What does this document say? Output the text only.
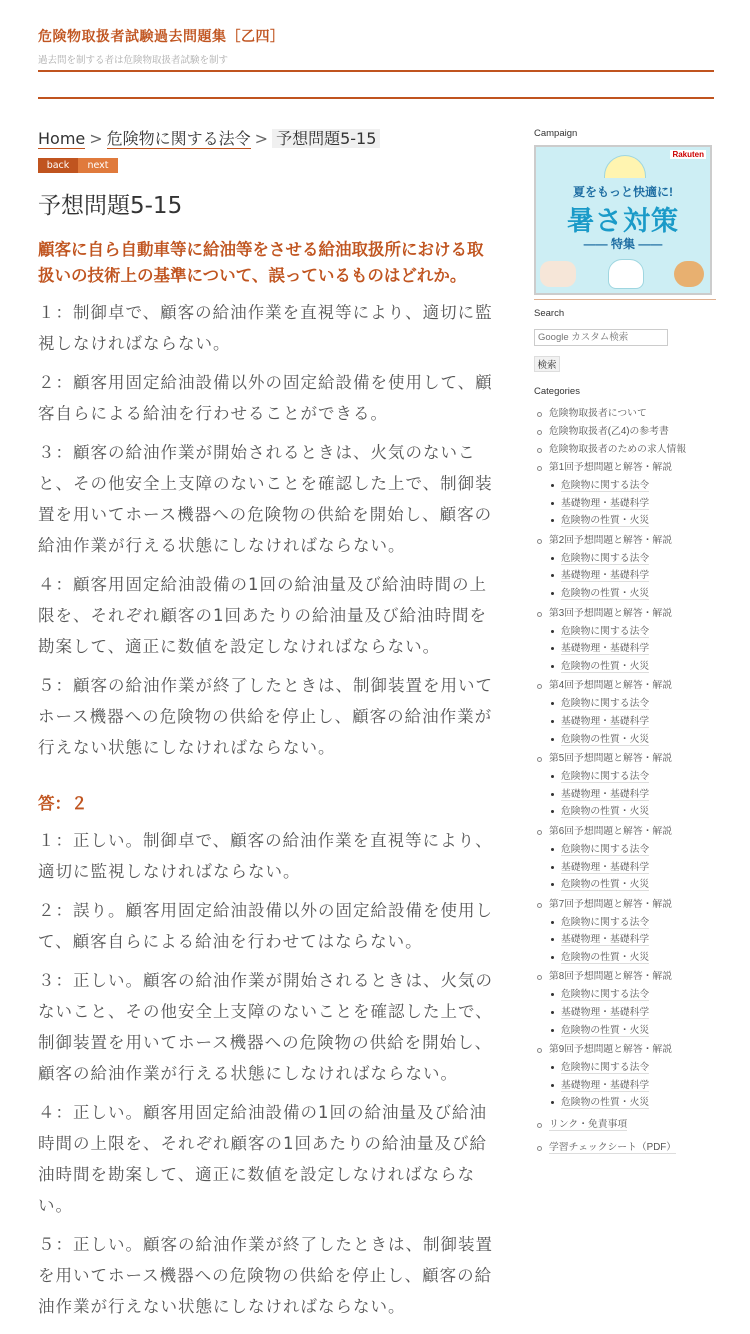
危険物取扱者試験過去問題集［乙四］
過去問を制する者は危険物取扱者試験を制す
Home > 危険物に関する法令 > 予想問題5-15
back	next
予想問題5-15
顧客に自ら自動車等に給油等をさせる給油取扱所における取扱いの技術上の基準について、誤っているものはどれか。
１：制御卓で、顧客の給油作業を直視等により、適切に監視しなければならない。
２：顧客用固定給油設備以外の固定給設備を使用して、顧客自らによる給油を行わせることができる。
３：顧客の給油作業が開始されるときは、火気のないこと、その他安全上支障のないことを確認した上で、制御装置を用いてホース機器への危険物の供給を開始し、顧客の給油作業が行える状態にしなければならない。
４：顧客用固定給油設備の1回の給油量及び給油時間の上限を、それぞれ顧客の1回あたりの給油量及び給油時間を勘案して、適正に数値を設定しなければならない。
５：顧客の給油作業が終了したときは、制御装置を用いてホース機器への危険物の供給を停止し、顧客の給油作業が行えない状態にしなければならない。
答：２
１：正しい。制御卓で、顧客の給油作業を直視等により、適切に監視しなければならない。
２：誤り。顧客用固定給油設備以外の固定給設備を使用して、顧客自らによる給油を行わせてはならない。
３：正しい。顧客の給油作業が開始されるときは、火気のないこと、その他安全上支障のないことを確認した上で、制御装置を用いてホース機器への危険物の供給を開始し、顧客の給油作業が行える状態にしなければならない。
４：正しい。顧客用固定給油設備の1回の給油量及び給油時間の上限を、それぞれ顧客の1回あたりの給油量及び給油時間を勘案して、適正に数値を設定しなければならない。
５：正しい。顧客の給油作業が終了したときは、制御装置を用いてホース機器への危険物の供給を停止し、顧客の給油作業が行えない状態にしなければならない。
Campaign
Rakuten
夏をもっと快適に!
暑さ対策
—— 特集 ——
Search
Google カスタム検索
検索
Categories
危険物取扱者について
危険物取扱者(乙4)の参考書
危険物取扱者のための求人情報
第1回予想問題と解答・解説
危険物に関する法令
基礎物理・基礎科学
危険物の性質・火災
第2回予想問題と解答・解説
危険物に関する法令
基礎物理・基礎科学
危険物の性質・火災
第3回予想問題と解答・解説
危険物に関する法令
基礎物理・基礎科学
危険物の性質・火災
第4回予想問題と解答・解説
危険物に関する法令
基礎物理・基礎科学
危険物の性質・火災
第5回予想問題と解答・解説
危険物に関する法令
基礎物理・基礎科学
危険物の性質・火災
第6回予想問題と解答・解説
危険物に関する法令
基礎物理・基礎科学
危険物の性質・火災
第7回予想問題と解答・解説
危険物に関する法令
基礎物理・基礎科学
危険物の性質・火災
第8回予想問題と解答・解説
危険物に関する法令
基礎物理・基礎科学
危険物の性質・火災
第9回予想問題と解答・解説
危険物に関する法令
基礎物理・基礎科学
危険物の性質・火災
リンク・免責事項
学習チェックシート（PDF）
